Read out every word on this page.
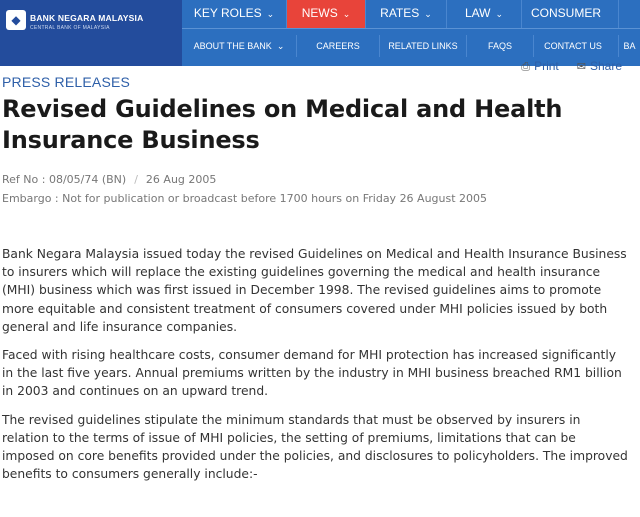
◆	BANK NEGARA MALAYSIA
CENTRAL BANK OF MALAYSIA
KEY ROLES ⌄	NEWS ⌄	RATES ⌄	LAW ⌄	CONSUMER
ABOUT THE BANK ⌄	CAREERS	RELATED LINKS	FAQS	CONTACT US	BA
PRESS RELEASES
⎙ Print ✉ Share
Revised Guidelines on Medical and Health Insurance Business
Ref No : 08/05/74 (BN) / 26 Aug 2005
Embargo : Not for publication or broadcast before 1700 hours on Friday 26 August 2005

Bank Negara Malaysia issued today the revised Guidelines on Medical and Health Insurance Business to insurers which will replace the existing guidelines governing the medical and health insurance (MHI) business which was first issued in December 1998. The revised guidelines aims to promote more equitable and consistent treatment of consumers covered under MHI policies issued by both general and life insurance companies.

Faced with rising healthcare costs, consumer demand for MHI protection has increased significantly in the last five years. Annual premiums written by the industry in MHI business breached RM1 billion in 2003 and continues on an upward trend.

The revised guidelines stipulate the minimum standards that must be observed by insurers in relation to the terms of issue of MHI policies, the setting of premiums, limitations that can be imposed on core benefits provided under the policies, and disclosures to policyholders. The improved benefits to consumers generally include:-
